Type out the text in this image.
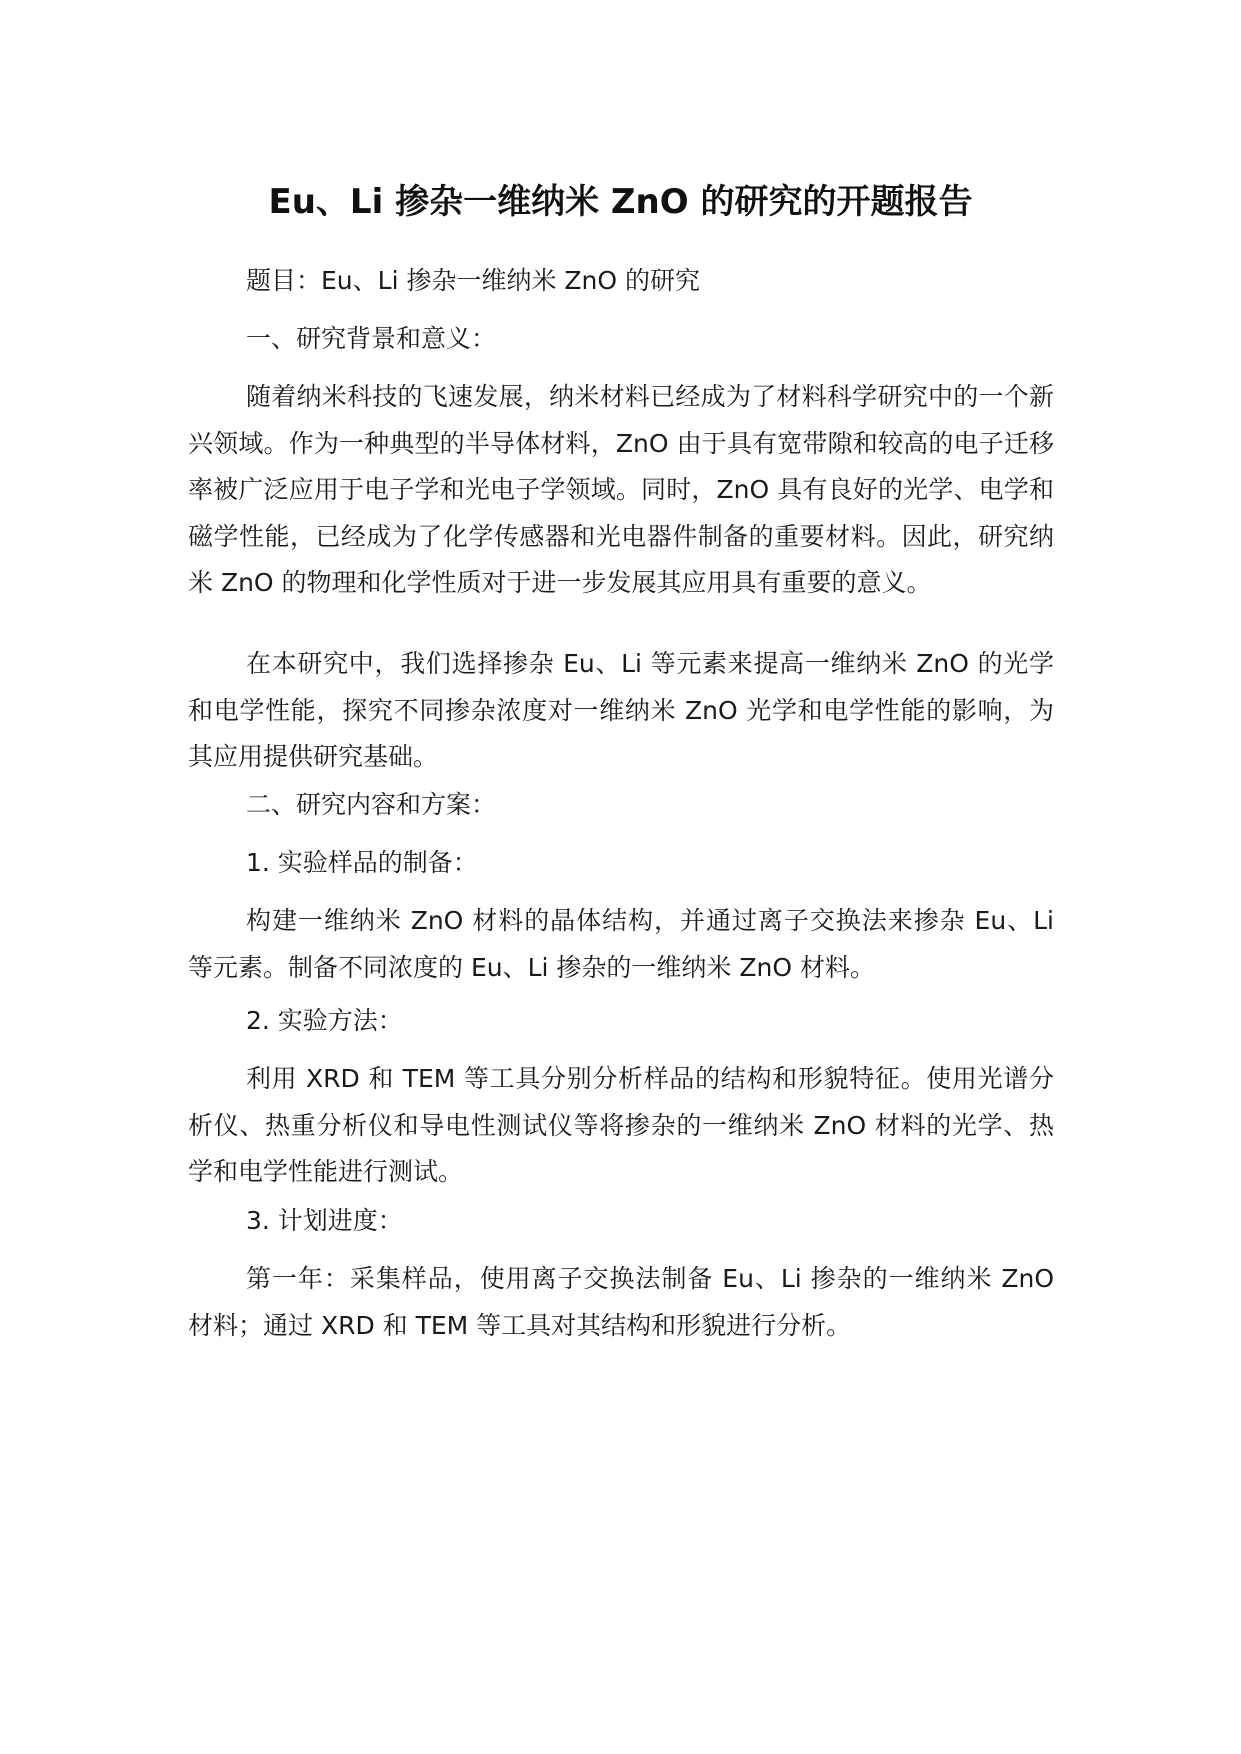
Eu、Li 掺杂一维纳米 ZnO 的研究的开题报告

题目：Eu、Li 掺杂一维纳米 ZnO 的研究

一、研究背景和意义：

随着纳米科技的飞速发展，纳米材料已经成为了材料科学研究中的一个新兴领域。作为一种典型的半导体材料，ZnO 由于具有宽带隙和较高的电子迁移率被广泛应用于电子学和光电子学领域。同时，ZnO 具有良好的光学、电学和磁学性能，已经成为了化学传感器和光电器件制备的重要材料。因此，研究纳米 ZnO 的物理和化学性质对于进一步发展其应用具有重要的意义。

在本研究中，我们选择掺杂 Eu、Li 等元素来提高一维纳米 ZnO 的光学和电学性能，探究不同掺杂浓度对一维纳米 ZnO 光学和电学性能的影响，为其应用提供研究基础。

二、研究内容和方案：

1. 实验样品的制备：

构建一维纳米 ZnO 材料的晶体结构，并通过离子交换法来掺杂 Eu、Li 等元素。制备不同浓度的 Eu、Li 掺杂的一维纳米 ZnO 材料。

2. 实验方法：

利用 XRD 和 TEM 等工具分别分析样品的结构和形貌特征。使用光谱分析仪、热重分析仪和导电性测试仪等将掺杂的一维纳米 ZnO 材料的光学、热学和电学性能进行测试。

3. 计划进度：

第一年：采集样品，使用离子交换法制备 Eu、Li 掺杂的一维纳米 ZnO 材料；通过 XRD 和 TEM 等工具对其结构和形貌进行分析。
